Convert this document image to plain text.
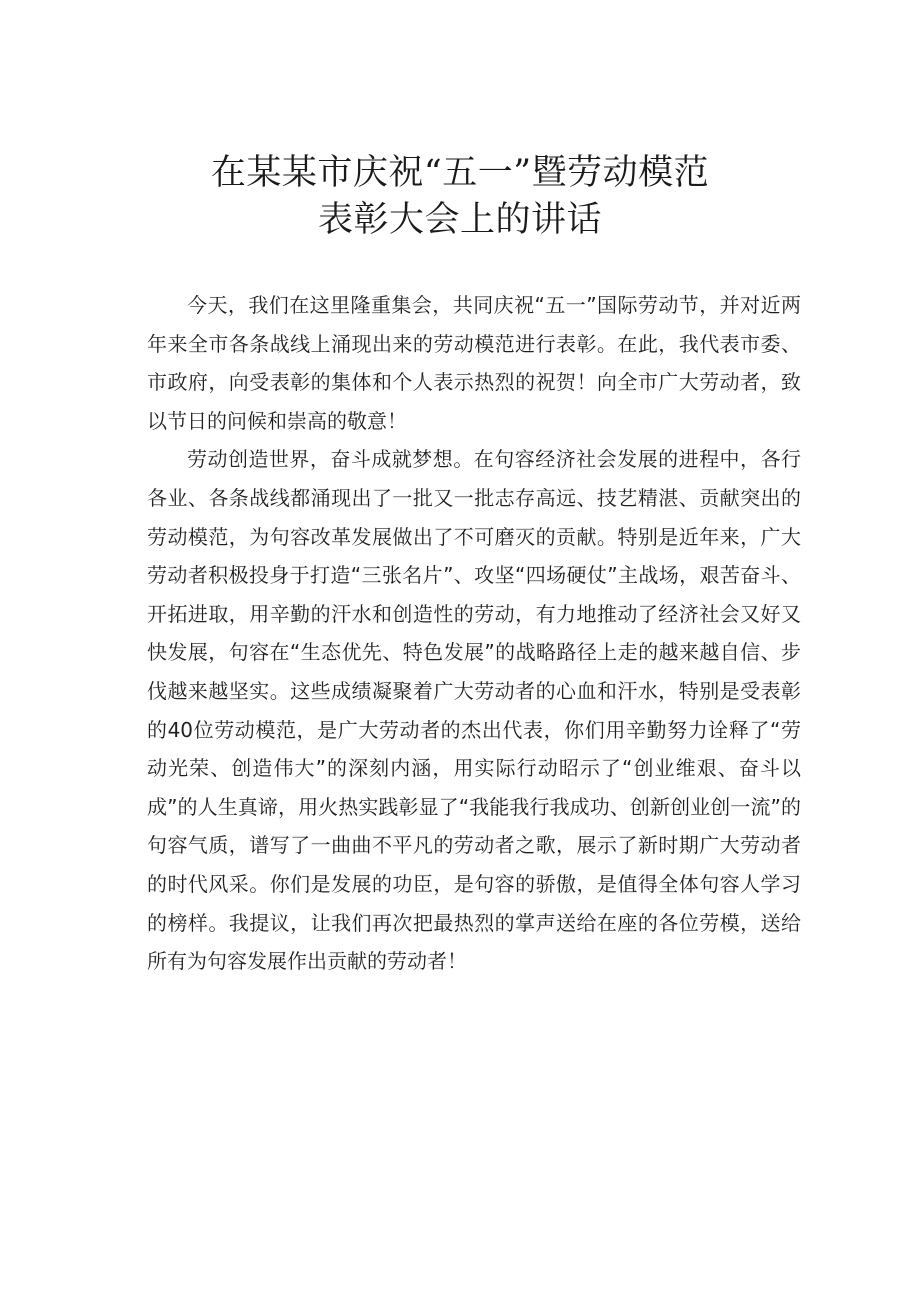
在某某市庆祝“五一”暨劳动模范
表彰大会上的讲话

今天，我们在这里隆重集会，共同庆祝“五一”国际劳动节，并对近两年来全市各条战线上涌现出来的劳动模范进行表彰。在此，我代表市委、市政府，向受表彰的集体和个人表示热烈的祝贺！向全市广大劳动者，致以节日的问候和崇高的敬意！

劳动创造世界，奋斗成就梦想。在句容经济社会发展的进程中，各行各业、各条战线都涌现出了一批又一批志存高远、技艺精湛、贡献突出的劳动模范，为句容改革发展做出了不可磨灭的贡献。特别是近年来，广大劳动者积极投身于打造“三张名片”、攻坚“四场硬仗”主战场，艰苦奋斗、开拓进取，用辛勤的汗水和创造性的劳动，有力地推动了经济社会又好又快发展，句容在“生态优先、特色发展”的战略路径上走的越来越自信、步伐越来越坚实。这些成绩凝聚着广大劳动者的心血和汗水，特别是受表彰的40位劳动模范，是广大劳动者的杰出代表，你们用辛勤努力诠释了“劳动光荣、创造伟大”的深刻内涵，用实际行动昭示了“创业维艰、奋斗以成”的人生真谛，用火热实践彰显了“我能我行我成功、创新创业创一流”的句容气质，谱写了一曲曲不平凡的劳动者之歌，展示了新时期广大劳动者的时代风采。你们是发展的功臣，是句容的骄傲，是值得全体句容人学习的榜样。我提议，让我们再次把最热烈的掌声送给在座的各位劳模，送给所有为句容发展作出贡献的劳动者！
